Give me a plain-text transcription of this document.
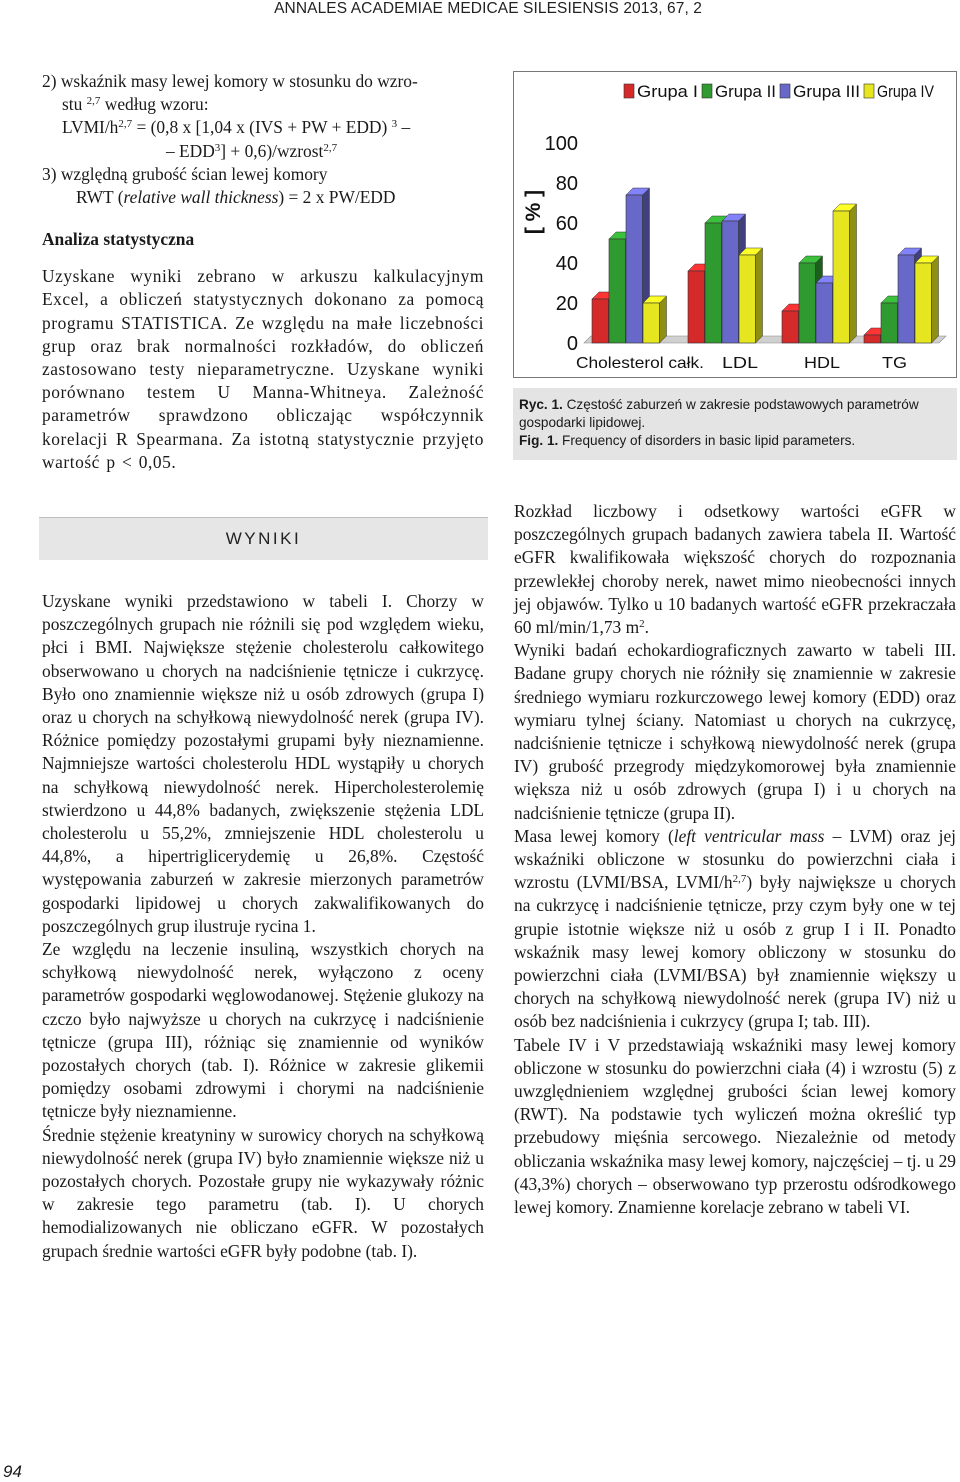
ANNALES ACADEMIAE MEDICAE SILESIENSIS 2013, 67, 2
2) wskaźnik masy lewej komory w stosunku do wzro-
stu $^{2,7}$ według wzoru:
LVMI/$h^{2,7} = (0,8$ x [1,04 x (IVS + PW + EDD) $^3$ –
– $EDD^3$] + 0,6)/wzrost$^{2,7}$
3) względną grubość ścian lewej komory
RWT (relative wall thickness) = 2 x PW/EDD
Analiza statystyczna

Uzyskane wyniki zebrano w arkuszu kalkulacyjnym Excel, a obliczeń statystycznych dokonano za pomocą programu STATISTICA. Ze względu na małe liczebności grup oraz brak normalności rozkładów, do obliczeń zastosowano testy nieparametryczne. Uzyskane wyniki porównano testem U Manna-Whitneya. Zależność parametrów sprawdzono obliczając współczynnik korelacji R Spearmana. Za istotną statystycznie przyjęto wartość p < 0,05.

WYNIKI

Uzyskane wyniki przedstawiono w tabeli I. Chorzy w poszczególnych grupach nie różnili się pod względem wieku, płci i BMI. Największe stężenie cholesterolu całkowitego obserwowano u chorych na nadciśnienie tętnicze i cukrzycę. Było ono znamiennie większe niż u osób zdrowych (grupa I) oraz u chorych na schyłkową niewydolność nerek (grupa IV). Różnice pomiędzy pozostałymi grupami były nieznamienne. Najmniejsze wartości cholesterolu HDL wystąpiły u chorych na schyłkową niewydolność nerek. Hipercholesterolemię stwierdzono u 44,8% badanych, zwiększenie stężenia LDL cholesterolu u 55,2%, zmniejszenie HDL cholesterolu u 44,8%, a hipertriglicerydemię u 26,8%. Częstość występowania zaburzeń w zakresie mierzonych parametrów gospodarki lipidowej u chorych zakwalifikowanych do poszczególnych grup ilustruje rycina 1.

Ze względu na leczenie insuliną, wszystkich chorych na schyłkową niewydolność nerek, wyłączono z oceny parametrów gospodarki węglowodanowej. Stężenie glukozy na czczo było najwyższe u chorych na cukrzycę i nadciśnienie tętnicze (grupa III), różniąc się znamiennie od wyników pozostałych chorych (tab. I). Różnice w zakresie glikemii pomiędzy osobami zdrowymi i chorymi na nadciśnienie tętnicze były nieznamienne.

Średnie stężenie kreatyniny w surowicy chorych na schyłkową niewydolność nerek (grupa IV) było znamiennie większe niż u pozostałych chorych. Pozostałe grupy nie wykazywały różnic w zakresie tego parametru (tab. I). U chorych hemodializowanych nie obliczano eGFR. W pozostałych grupach średnie wartości eGFR były podobne (tab. I).

Grupa I Grupa II Grupa III Grupa IV
[ % ]
0
20
40
60
80
100
Cholesterol całk. LDL	HDL	TG
Ryc. 1. Częstość zaburzeń w zakresie podstawowych parametrów gospodarki lipidowej.
Fig. 1. Frequency of disorders in basic lipid parameters.

Rozkład liczbowy i odsetkowy wartości eGFR w poszczególnych grupach badanych zawiera tabela II. Wartość eGFR kwalifikowała większość chorych do rozpoznania przewlekłej choroby nerek, nawet mimo nieobecności innych jej objawów. Tylko u 10 badanych wartość eGFR przekraczała 60 ml/min/1,73 $m^2$.

Wyniki badań echokardiograficznych zawarto w tabeli III. Badane grupy chorych nie różniły się znamiennie w zakresie średniego wymiaru rozkurczowego lewej komory (EDD) oraz wymiaru tylnej ściany. Natomiast u chorych na cukrzycę, nadciśnienie tętnicze i schyłkową niewydolność nerek (grupa IV) grubość przegrody międzykomorowej była znamiennie większa niż u osób zdrowych (grupa I) i u chorych na nadciśnienie tętnicze (grupa II).

Masa lewej komory (left ventricular mass – LVM) oraz jej wskaźniki obliczone w stosunku do powierzchni ciała i wzrostu (LVMI/BSA, LVMI/$h^{2,7}$) były największe u chorych na cukrzycę i nadciśnienie tętnicze, przy czym były one w tej grupie istotnie większe niż u osób z grup I i II. Ponadto wskaźnik masy lewej komory obliczony w stosunku do powierzchni ciała (LVMI/BSA) był znamiennie większy u chorych na schyłkową niewydolność nerek (grupa IV) niż u osób bez nadciśnienia i cukrzycy (grupa I; tab. III).

Tabele IV i V przedstawiają wskaźniki masy lewej komory obliczone w stosunku do powierzchni ciała (4) i wzrostu (5) z uwzględnieniem względnej grubości ścian lewej komory (RWT). Na podstawie tych wyliczeń można określić typ przebudowy mięśnia sercowego. Niezależnie od metody obliczania wskaźnika masy lewej komory, najczęściej – tj. u 29 (43,3%) chorych – obserwowano typ przerostu odśrodkowego lewej komory. Znamienne korelacje zebrano w tabeli VI.

94
